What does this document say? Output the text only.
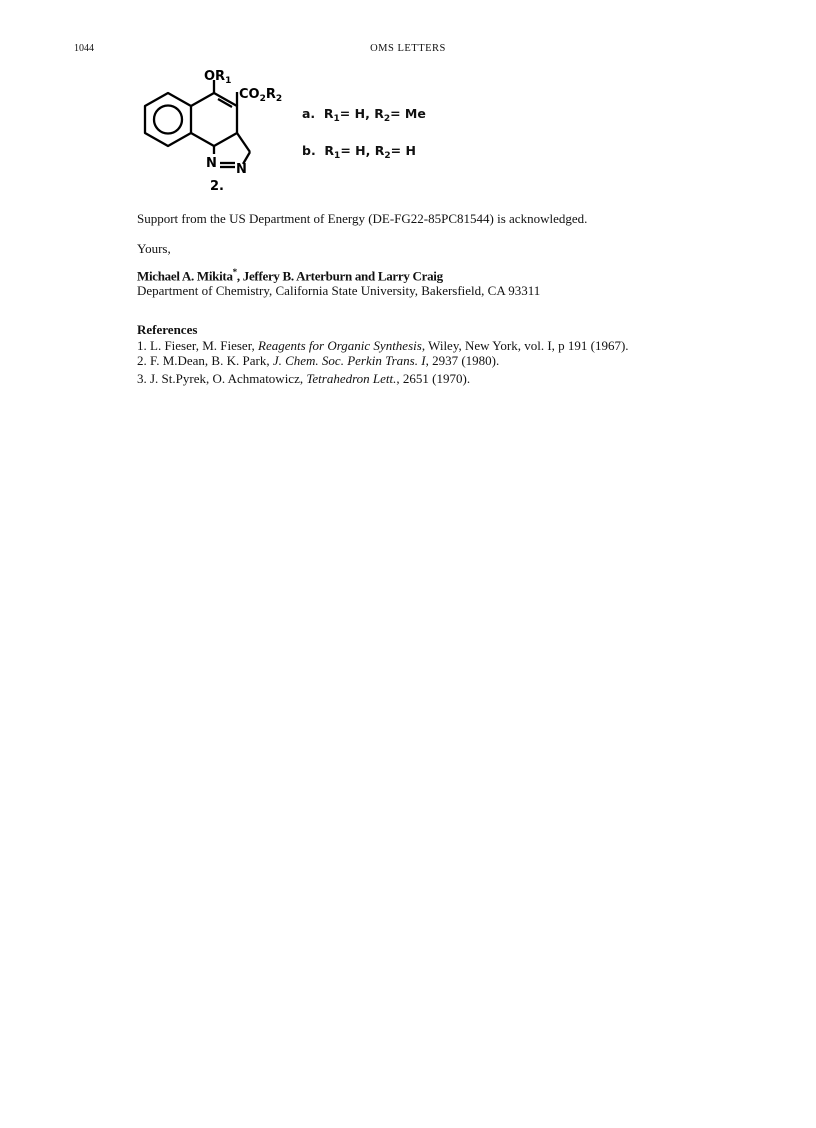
1044	OMS LETTERS
$OR_1$
$CO_2R_2$
N N
2.
a.  $R_1= H$, $R_2= Me$
b.  $R_1= H$, $R_2= H$
Support from the US Department of Energy (DE-FG22-85PC81544) is acknowledged.
Yours,
Michael A. Mikita*, Jeffery B. Arterburn and Larry Craig
Department of Chemistry, California State University, Bakersfield, CA 93311
References
1. L. Fieser, M. Fieser, Reagents for Organic Synthesis, Wiley, New York, vol. I, p 191 (1967).
2. F. M.Dean, B. K. Park, J. Chem. Soc. Perkin Trans. I, 2937 (1980).
3. J. St.Pyrek, O. Achmatowicz, Tetrahedron Lett., 2651 (1970).
